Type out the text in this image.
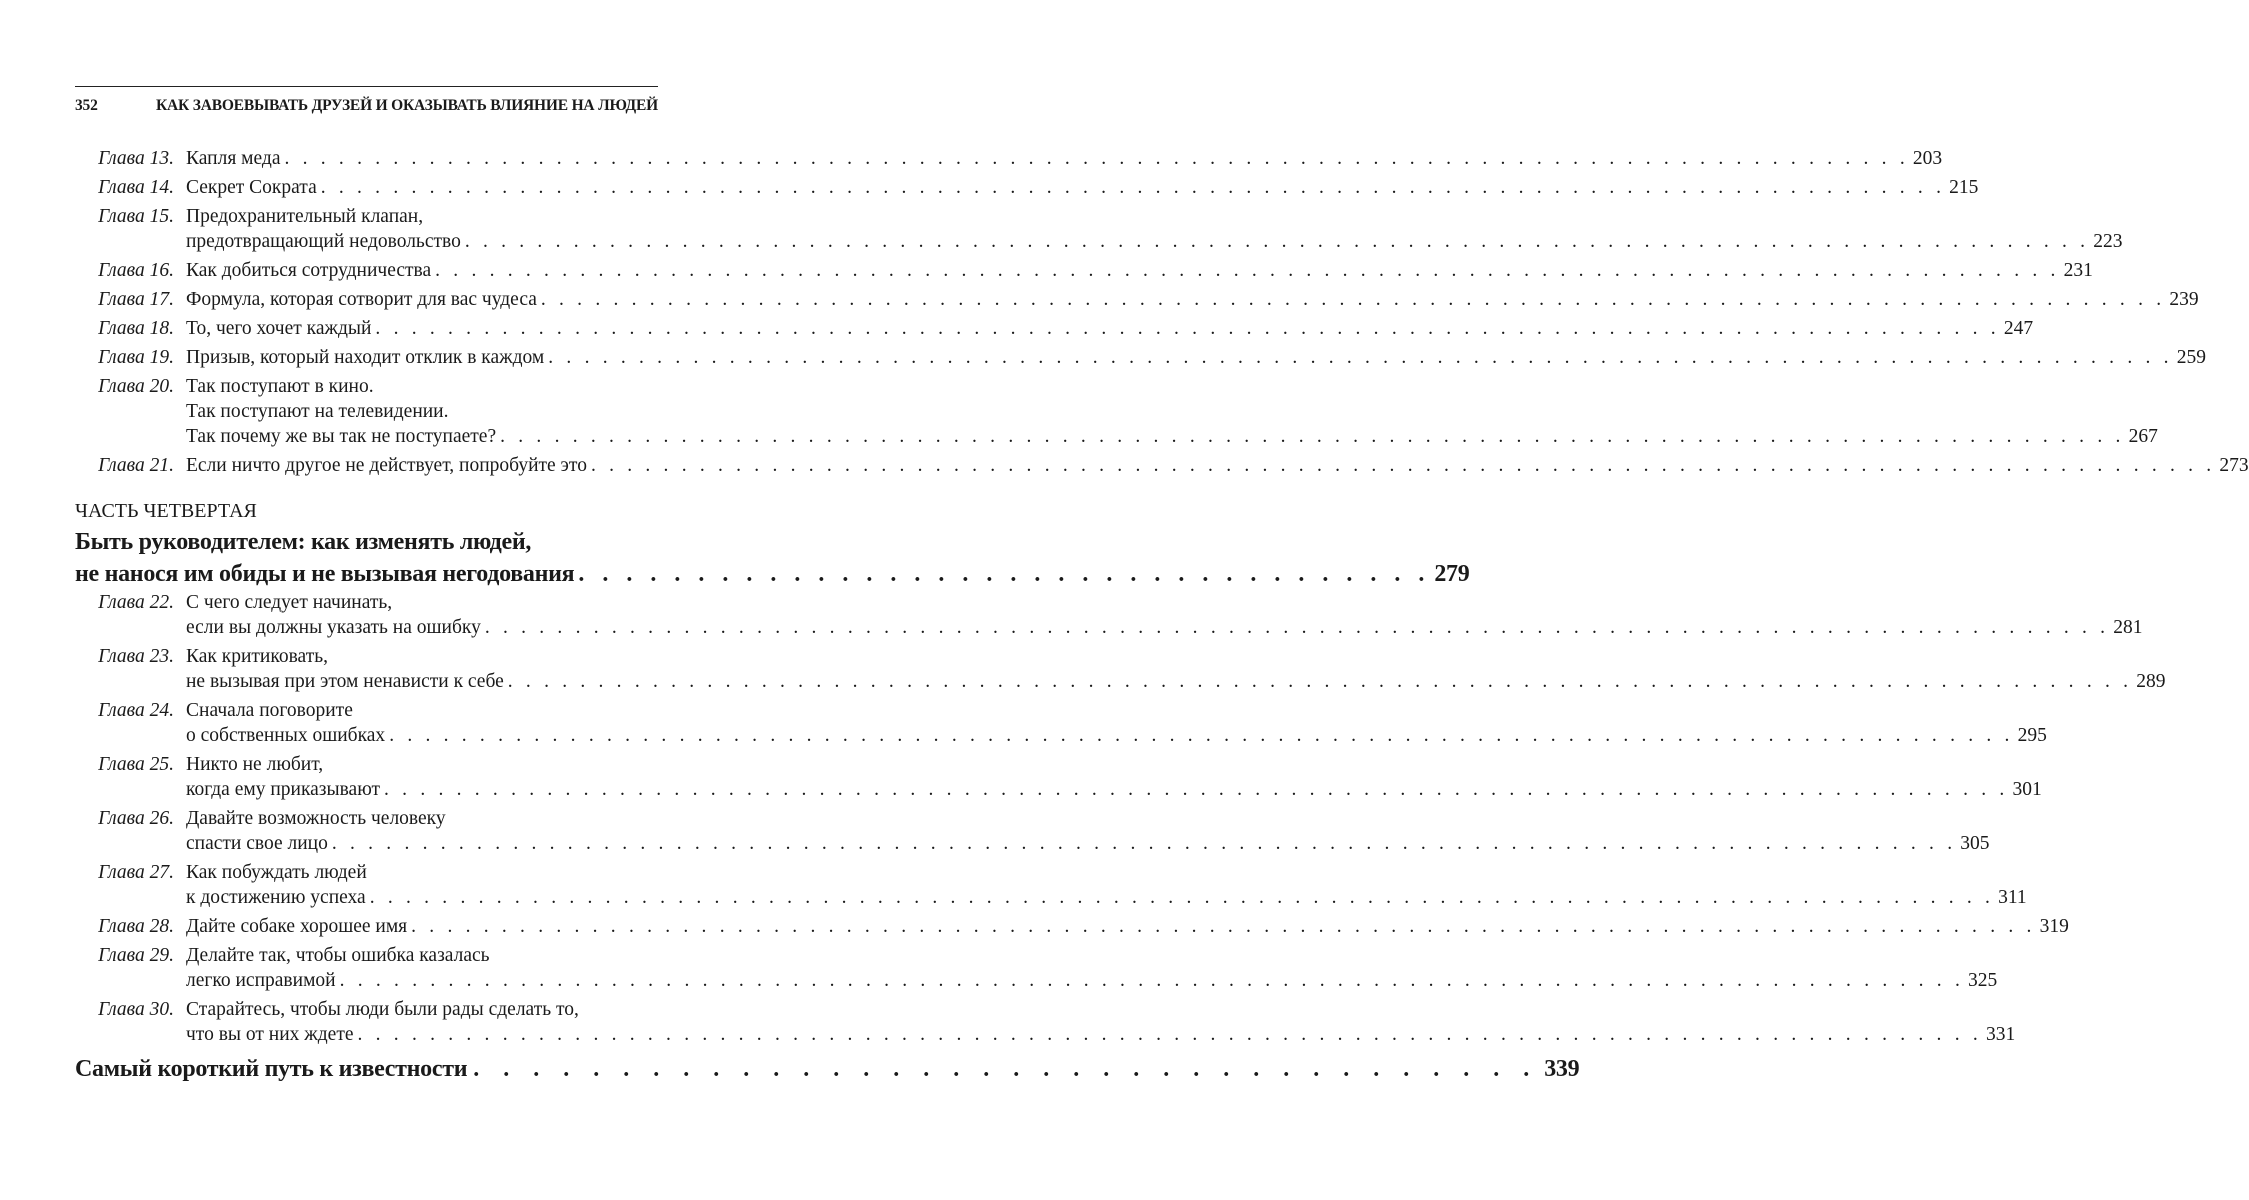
352	КАК ЗАВОЕВЫВАТЬ ДРУЗЕЙ И ОКАЗЫВАТЬ ВЛИЯНИЕ НА ЛЮДЕЙ
Глава 13. Капля меда . . .	203
Глава 14. Секрет Сократа . . .	215
Глава 15. Предохранительный клапан,
предотвращающий недовольство . . .	223
Глава 16. Как добиться сотрудничества . . .	231
Глава 17. Формула, которая сотворит для вас чудеса . . .	239
Глава 18. То, чего хочет каждый . . .	247
Глава 19. Призыв, который находит отклик в каждом . . .	259
Глава 20. Так поступают в кино.
Так поступают на телевидении.
Так почему же вы так не поступаете? . . .	267
Глава 21. Если ничто другое не действует, попробуйте это . . .	273
ЧАСТЬ ЧЕТВЕРТАЯ
Быть руководителем: как изменять людей,
не нанося им обиды и не вызывая негодования . . .	279
Глава 22. С чего следует начинать,
если вы должны указать на ошибку . . .	281
Глава 23. Как критиковать,
не вызывая при этом ненависти к себе . . .	289
Глава 24. Сначала поговорите
о собственных ошибках . . .	295
Глава 25. Никто не любит,
когда ему приказывают . . .	301
Глава 26. Давайте возможность человеку
спасти свое лицо . . .	305
Глава 27. Как побуждать людей
к достижению успеха . . .	311
Глава 28. Дайте собаке хорошее имя . . .	319
Глава 29. Делайте так, чтобы ошибка казалась
легко исправимой . . .	325
Глава 30. Старайтесь, чтобы люди были рады сделать то,
что вы от них ждете . . .	331
Самый короткий путь к известности . . .	339
